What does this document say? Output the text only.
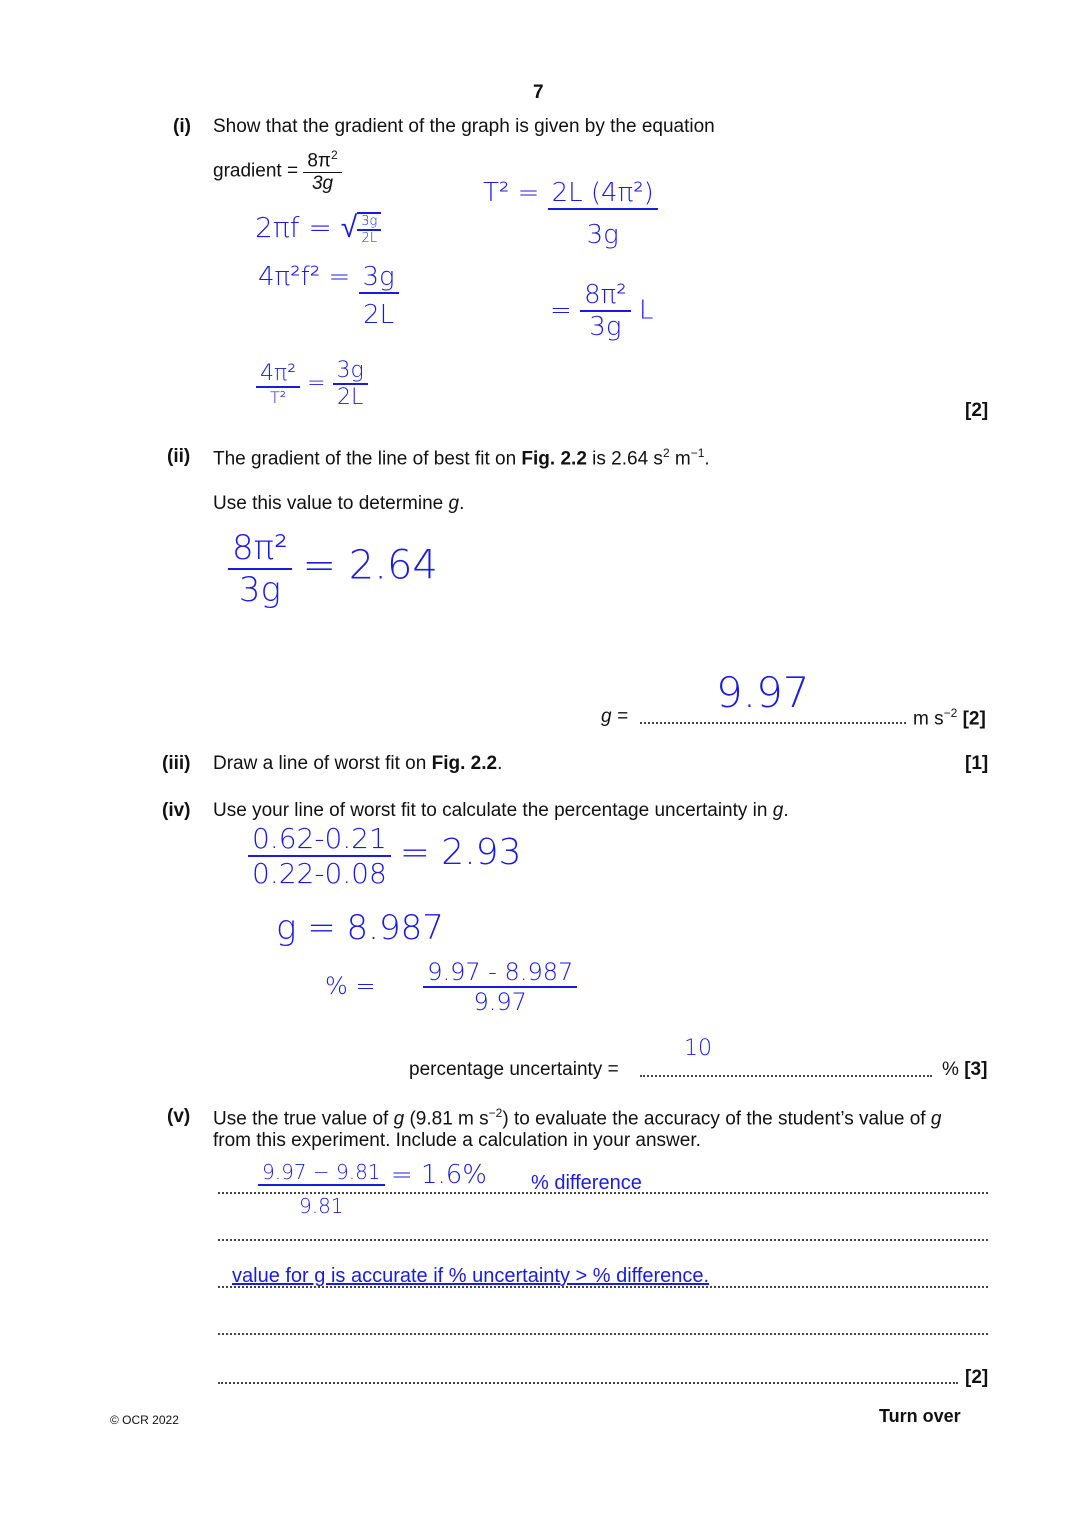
7
(i) Show that the gradient of the graph is given by the equation
gradient = $\frac{8\pi^2}{3g}$
2πf = √ $\frac{3g}{2L}$
$4\pi^2f^2 = \frac{3g}{2L}$
$\frac{\text{4π²}}{\text{T²}} = \frac{3g}{2L}$
$T^2 = \frac{\text{2L (4π²)}}{3g}$
= $\frac{\text{8π²}}{3g}$ L
[2]
(ii) The gradient of the line of best fit on Fig. 2.2 is 2.64 $s^2$ $m^{-1}$.
Use this value to determine g.
$\frac{\text{8π²}}{3g} = 2.64$
g = 9.97
m $s^{-2}$ [2]
(iii) Draw a line of worst fit on Fig. 2.2.	[1]
(iv) Use your line of worst fit to calculate the percentage uncertainty in g.
$\frac{0.62-0.21}{0.22-0.08} = 2.93$
g = 8.987
% = $\frac{9.97 - 8.987}{9.97}$
percentage uncertainty =
10
% [3]
(v) Use the true value of g (9.81 m $s^{-2}$) to evaluate the accuracy of the student’s value of g
from this experiment. Include a calculation in your answer.
$\frac{9.97 - 9.81}{9.81} = 1.6\%$ % difference
value for g is accurate if % uncertainty > % difference.
[2]
© OCR 2022	Turn over
